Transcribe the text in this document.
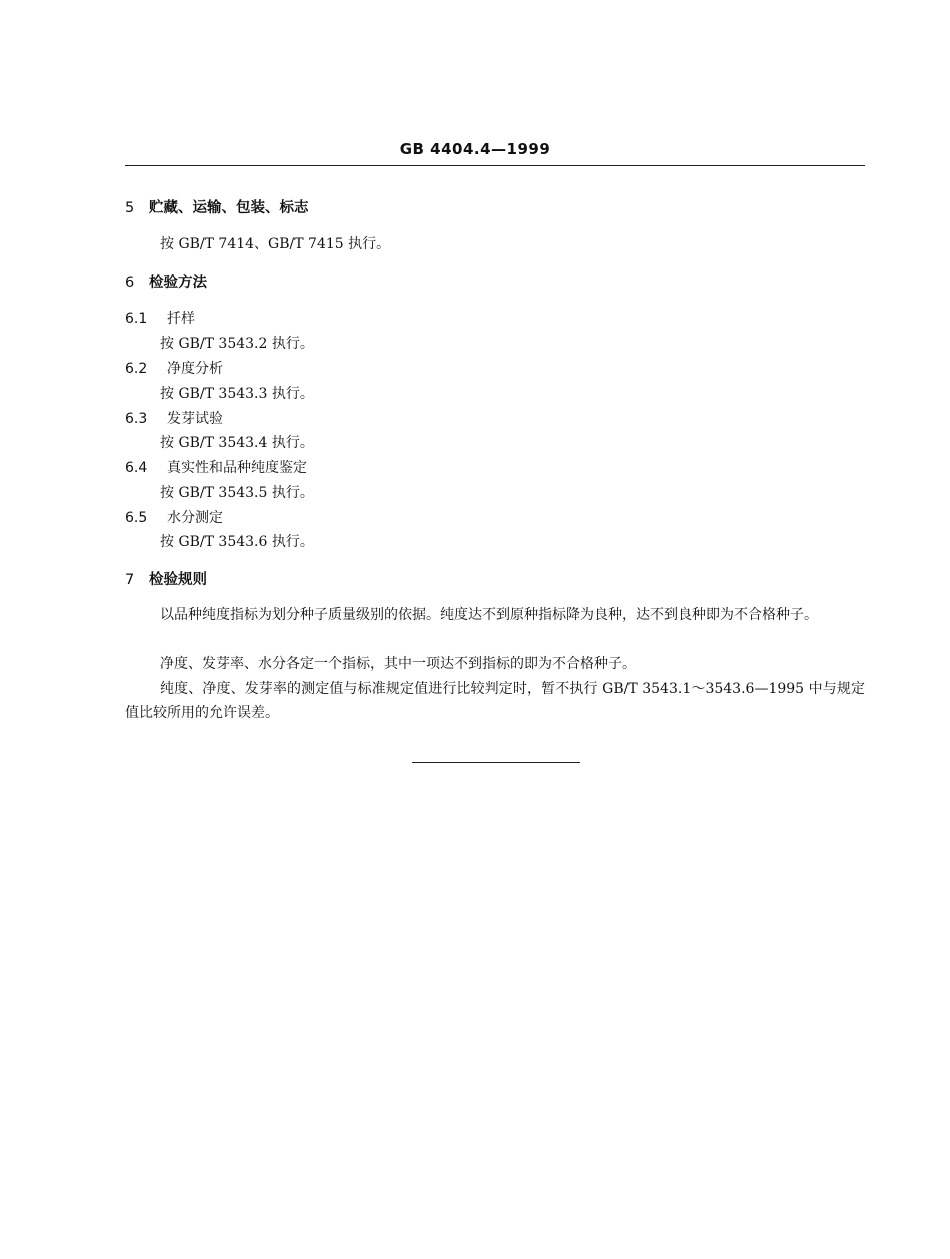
GB 4404.4—1999
5 贮藏、运输、包装、标志
按 GB/T 7414、GB/T 7415 执行。
6 检验方法
6.1 扦样
按 GB/T 3543.2 执行。
6.2 净度分析
按 GB/T 3543.3 执行。
6.3 发芽试验
按 GB/T 3543.4 执行。
6.4 真实性和品种纯度鉴定
按 GB/T 3543.5 执行。
6.5 水分测定
按 GB/T 3543.6 执行。
7 检验规则
以品种纯度指标为划分种子质量级别的依据。纯度达不到原种指标降为良种，达不到良种即为不合格种子。
净度、发芽率、水分各定一个指标，其中一项达不到指标的即为不合格种子。
纯度、净度、发芽率的测定值与标准规定值进行比较判定时，暂不执行 GB/T 3543.1～3543.6—1995 中与规定值比较所用的允许误差。
